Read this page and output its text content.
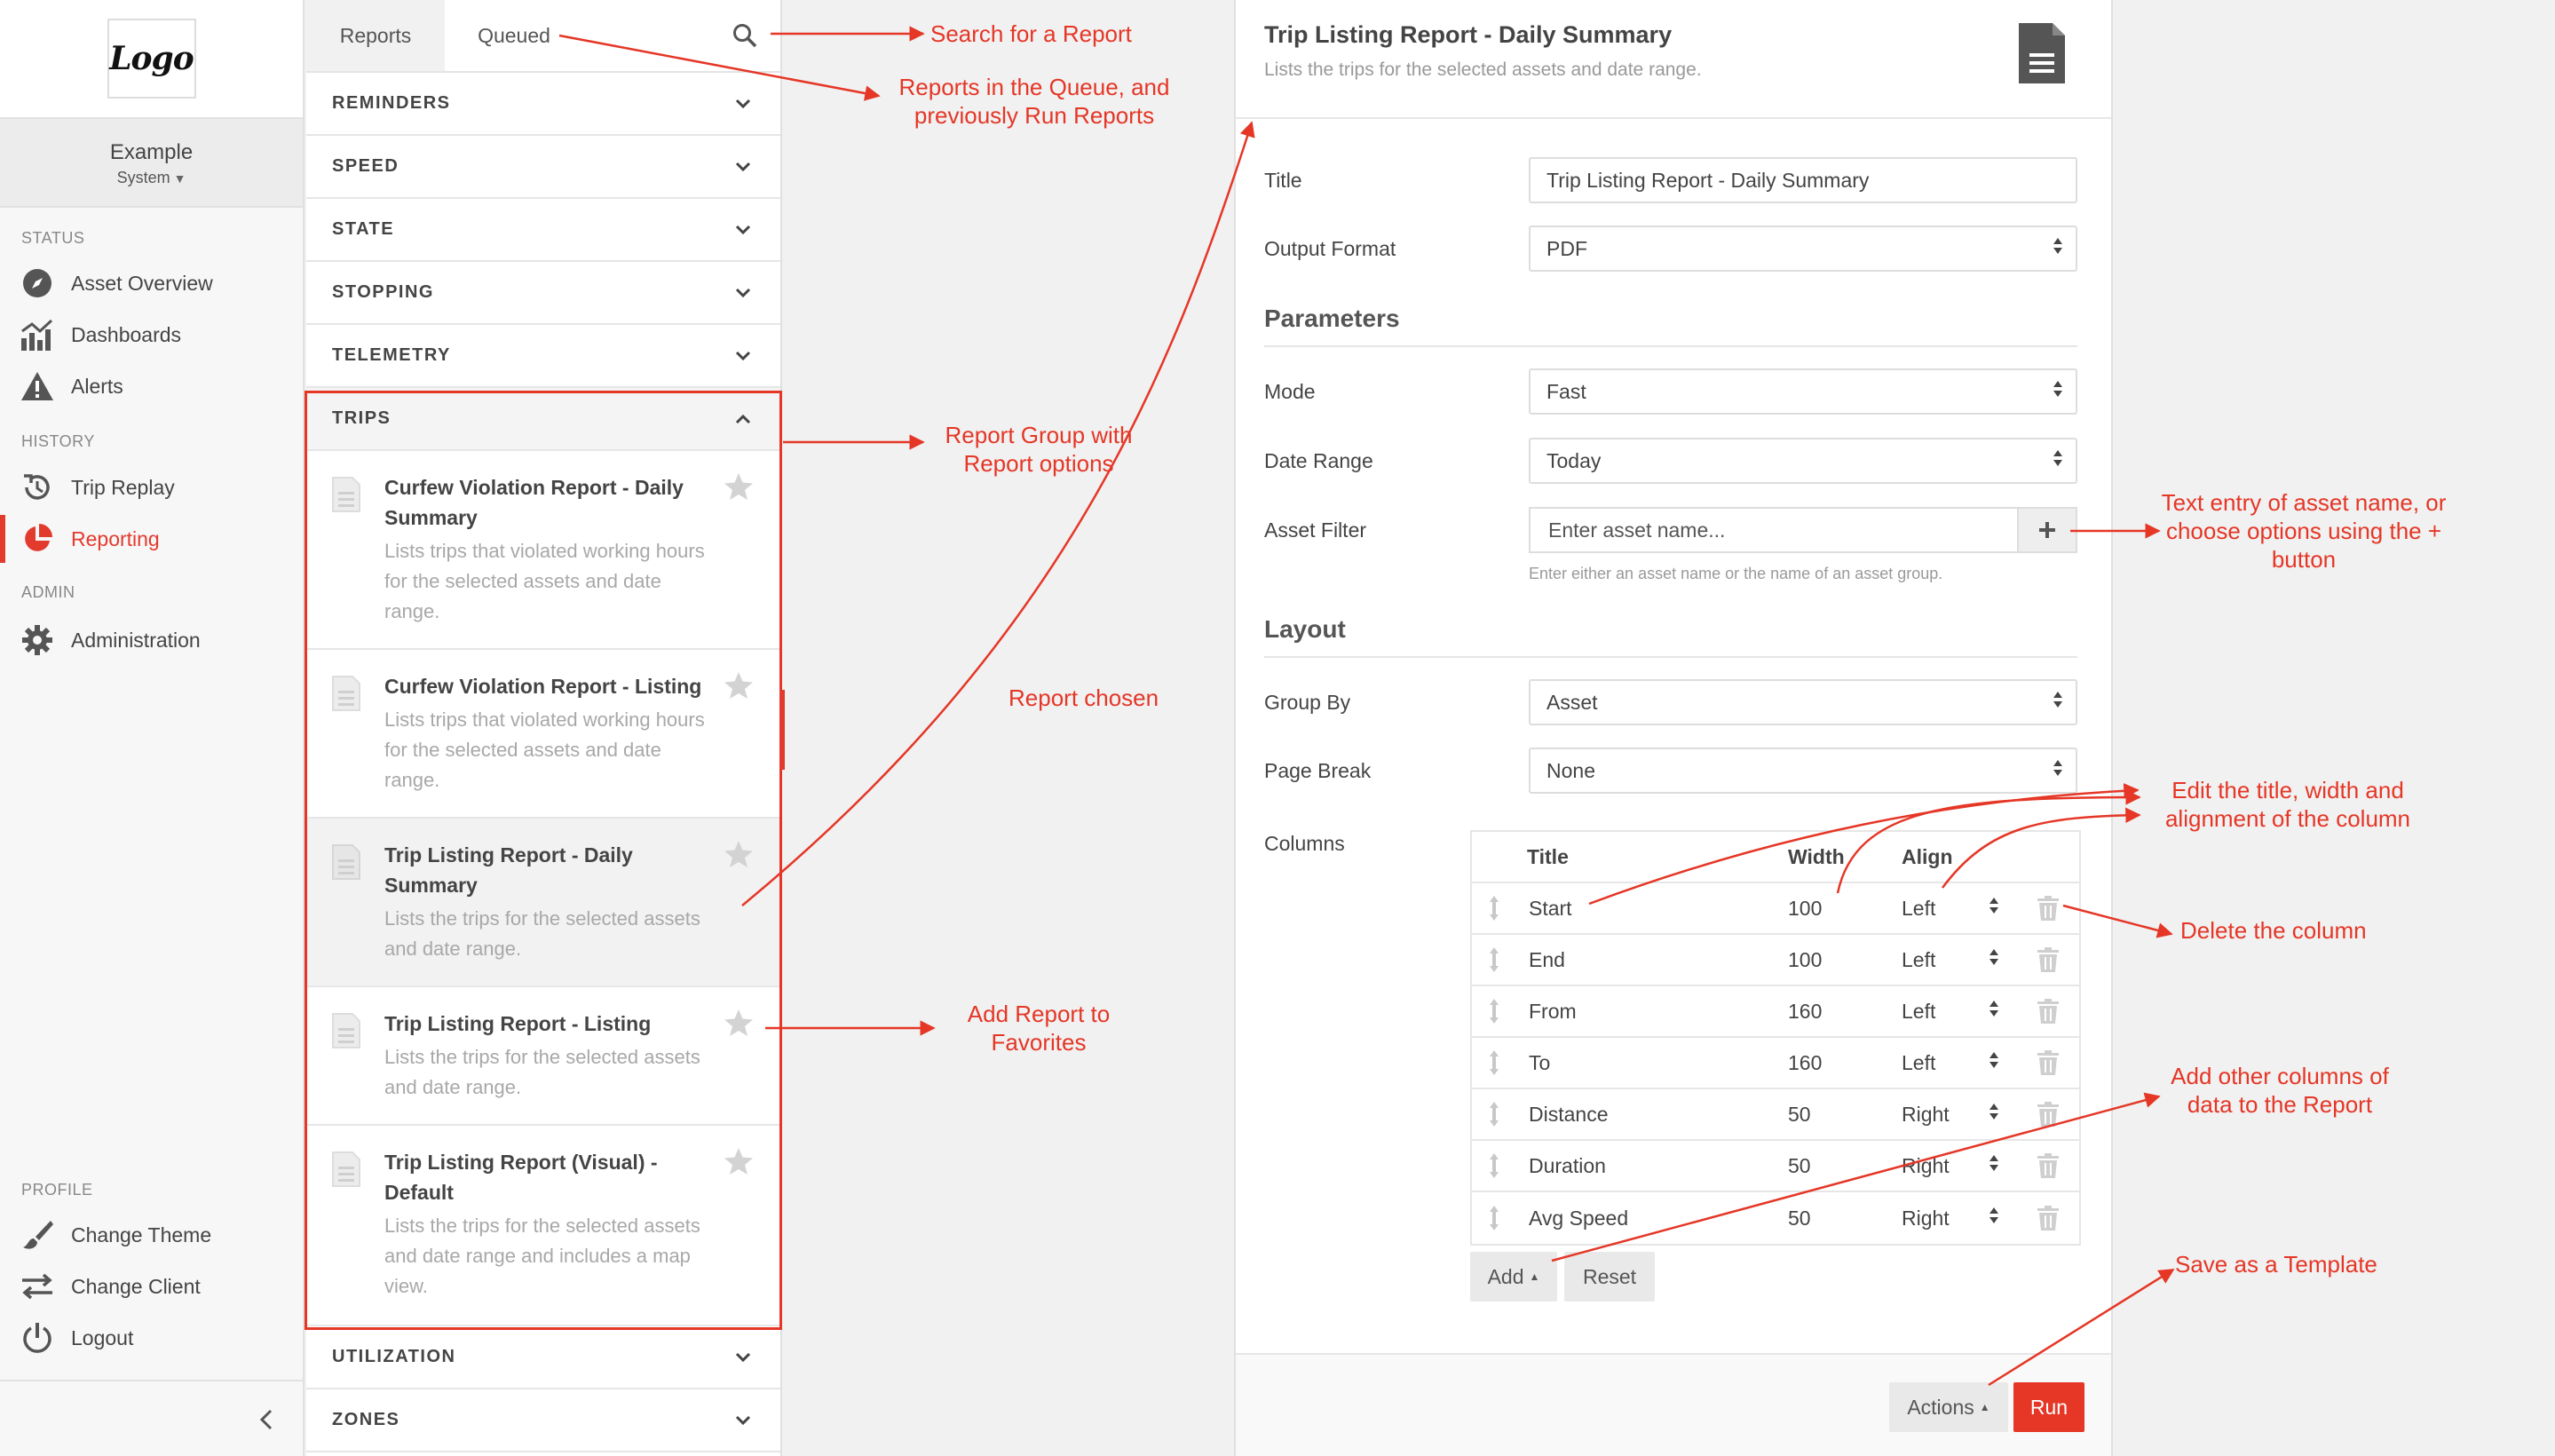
Logo
Example
System ▼
STATUS
Asset Overview
Dashboards
Alerts
HISTORY
Trip Replay
Reporting
ADMIN
Administration
PROFILE
Change Theme
Change Client
Logout
Reports	Queued
REMINDERS
SPEED
STATE
STOPPING
TELEMETRY
TRIPS
Curfew Violation Report - Daily Summary
Lists trips that violated working hours for the selected assets and date range.
Curfew Violation Report - Listing
Lists trips that violated working hours for the selected assets and date range.
Trip Listing Report - Daily Summary
Lists the trips for the selected assets and date range.
Trip Listing Report - Listing
Lists the trips for the selected assets and date range.
Trip Listing Report (Visual) - Default
Lists the trips for the selected assets and date range and includes a map view.
UTILIZATION
ZONES
Trip Listing Report - Daily Summary
Lists the trips for the selected assets and date range.
Title	Trip Listing Report - Daily Summary
Output Format	PDF
Parameters
Mode	Fast
Date Range	Today
Asset Filter	Enter asset name...
Enter either an asset name or the name of an asset group.
Layout
Group By	Asset
Page Break	None
Columns
Title	Width	Align
Start	100	Left
End	100	Left
From	160	Left
To	160	Left
Distance	50	Right
Duration	50	Right
Avg Speed	50	Right
Add ▲	Reset
Actions ▲	Run
Search for a Report
Reports in the Queue, and previously Run Reports
Report Group with Report options
Report chosen
Add Report to Favorites
Text entry of asset name, or choose options using the + button
Edit the title, width and alignment of the column
Delete the column
Add other columns of data to the Report
Save as a Template
